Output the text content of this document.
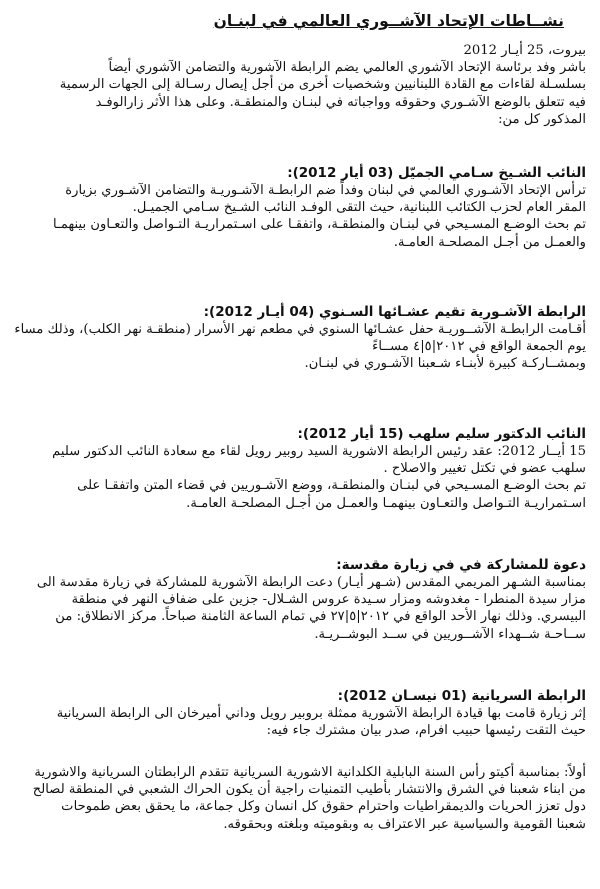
نشــاطات الإتحاد الآشــوري العالمي في لبنـان

بيروت، 25 أيـار 2012

باشر وفد برئاسة الإتحاد الآشوري العالمي يضم الرابطة الآشورية والتضامن الآشوري أيضاً

بسلسـلة لقاءات مع القادة اللبنانيين وشخصيات أخرى من أجل إيصال رسـالة إلى الجهات الرسمية

فيه تتعلق بالوضع الآشـوري وحقوقه وواجباته في لبنـان والمنطقـة. وعلى هذا الأثر زارالوفـد

المذكور كل من:

النائب الشـيخ سـامي الجميّل (03 أيار 2012):

ترأس الإتحاد الآشـوري العالمي في لبنان وفداً ضم الرابطـة الآشـوريـة والتضامن الآشـوري بزيارة

المقر العام لحزب الكتائب اللبنانية، حيث التقى الوفـد النائب الشـيخ سـامي الجميـل.

تم بحث الوضـع المسـيحي في لبنـان والمنطقـة، واتفقـا على اسـتمراريـة التـواصل والتعـاون بينهمـا

والعمـل من أجـل المصلحـة العامـة.

الرابطة الآشـورية تقيم عشـائها السـنوي (04 أيـار 2012):

أقـامت الرابطـة الآشــوريـة حفل عشـائها السنوي في مطعم نهر الأسرار (منطقـة نهر الكلب)، وذلك مساء

يوم الجمعة الواقع في ٢٠١٢|٥|٤ مســاءً

وبمشــاركـة كبيرة لأبنـاء شـعبنا الآشـوري في لبنـان.

النائب الدكتور سليم سلهب (15 أيار 2012):

15 أيــار 2012: عقد رئيس الرابطة الاشورية السيد روبير رويل لقاء مع سعادة النائب الدكتور سليم

سلهب عضو في تكتل تغيير والاصلاح .

تم بحث الوضـع المسـيحي في لبنـان والمنطقـة، ووضع الآشـوريين في قضاء المتن واتفقـا على

اسـتمراريـة التـواصل والتعـاون بينهمـا والعمـل من أجـل المصلحـة العامـة.

دعوة للمشاركة في في زيارة مقدسة:

بمناسبة الشـهر المريمي المقدس (شـهر أيـار) دعت الرابطة الآشورية للمشاركة في زيارة مقدسة الى

مزار سيدة المنطرا - مغدوشه ومزار سـيدة عروس الشـلال- جزين على ضفاف النهر في منطقة

البيسري. وذلك نهار الأحد الواقع في ٢٠١٢|٥|٢٧ في تمام الساعة الثامنة صباحاً. مركز الانطلاق: من

ســاحـة شــهداء الآشــوريين في ســد البوشــريـة.

الرابطة السريانية (01 نيسـان 2012):

إثر زيارة قامت بها قيادة الرابطة الآشورية ممثلة بروبير رويل وداني أميرخان الى الرابطة السريانية

حيث التقت رئيسها حبيب افرام، صدر بيان مشترك جاء فيه:

أولاً: بمناسبة أكيتو رأس السنة البابلية الكلدانية الاشورية السريانية تتقدم الرابطتان السريانية والاشورية

من ابناء شعبنا في الشرق والانتشار بأطيب التمنيات راجية أن يكون الحراك الشعبي في المنطقة لصالح

دول تعزز الحريات والديمقراطيات واحترام حقوق كل انسان وكل جماعة، ما يحقق بعض طموحات

شعبنا القومية والسياسية عبر الاعتراف به وبقوميته وبلغته وبحقوقه.
